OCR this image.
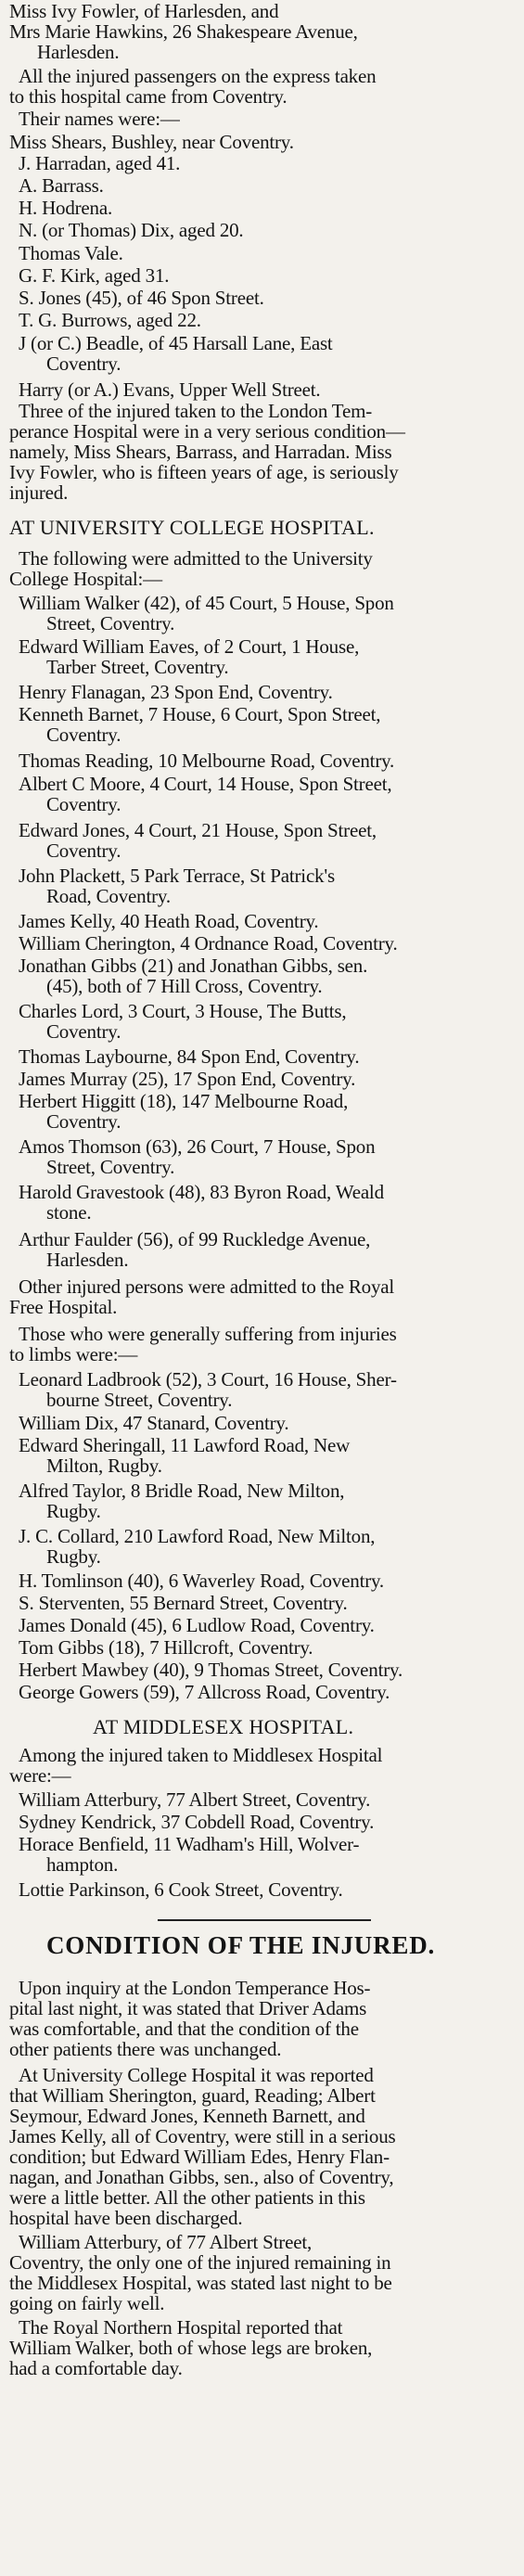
Miss Ivy Fowler, of Harlesden, and
Mrs Marie Hawkins, 26 Shakespeare Avenue,
Harlesden.
All the injured passengers on the express taken
to this hospital came from Coventry.
Their names were:—
Miss Shears, Bushley, near Coventry.
J. Harradan, aged 41.
A. Barrass.
H. Hodrena.
N. (or Thomas) Dix, aged 20.
Thomas Vale.
G. F. Kirk, aged 31.
S. Jones (45), of 46 Spon Street.
T. G. Burrows, aged 22.
J (or C.) Beadle, of 45 Harsall Lane, East
Coventry.
Harry (or A.) Evans, Upper Well Street.
Three of the injured taken to the London Tem-
perance Hospital were in a very serious condition—
namely, Miss Shears, Barrass, and Harradan. Miss
Ivy Fowler, who is fifteen years of age, is seriously
injured.
AT UNIVERSITY COLLEGE HOSPITAL.
The following were admitted to the University
College Hospital:—
William Walker (42), of 45 Court, 5 House, Spon
Street, Coventry.
Edward William Eaves, of 2 Court, 1 House,
Tarber Street, Coventry.
Henry Flanagan, 23 Spon End, Coventry.
Kenneth Barnet, 7 House, 6 Court, Spon Street,
Coventry.
Thomas Reading, 10 Melbourne Road, Coventry.
Albert C Moore, 4 Court, 14 House, Spon Street,
Coventry.
Edward Jones, 4 Court, 21 House, Spon Street,
Coventry.
John Plackett, 5 Park Terrace, St Patrick's
Road, Coventry.
James Kelly, 40 Heath Road, Coventry.
William Cherington, 4 Ordnance Road, Coventry.
Jonathan Gibbs (21) and Jonathan Gibbs, sen.
(45), both of 7 Hill Cross, Coventry.
Charles Lord, 3 Court, 3 House, The Butts,
Coventry.
Thomas Laybourne, 84 Spon End, Coventry.
James Murray (25), 17 Spon End, Coventry.
Herbert Higgitt (18), 147 Melbourne Road,
Coventry.
Amos Thomson (63), 26 Court, 7 House, Spon
Street, Coventry.
Harold Gravestook (48), 83 Byron Road, Weald
stone.
Arthur Faulder (56), of 99 Ruckledge Avenue,
Harlesden.
Other injured persons were admitted to the Royal
Free Hospital.
Those who were generally suffering from injuries
to limbs were:—
Leonard Ladbrook (52), 3 Court, 16 House, Sher-
bourne Street, Coventry.
William Dix, 47 Stanard, Coventry.
Edward Sheringall, 11 Lawford Road, New
Milton, Rugby.
Alfred Taylor, 8 Bridle Road, New Milton,
Rugby.
J. C. Collard, 210 Lawford Road, New Milton,
Rugby.
H. Tomlinson (40), 6 Waverley Road, Coventry.
S. Sterventen, 55 Bernard Street, Coventry.
James Donald (45), 6 Ludlow Road, Coventry.
Tom Gibbs (18), 7 Hillcroft, Coventry.
Herbert Mawbey (40), 9 Thomas Street, Coventry.
George Gowers (59), 7 Allcross Road, Coventry.
AT MIDDLESEX HOSPITAL.
Among the injured taken to Middlesex Hospital
were:—
William Atterbury, 77 Albert Street, Coventry.
Sydney Kendrick, 37 Cobdell Road, Coventry.
Horace Benfield, 11 Wadham's Hill, Wolver-
hampton.
Lottie Parkinson, 6 Cook Street, Coventry.
CONDITION OF THE INJURED.
Upon inquiry at the London Temperance Hos-
pital last night, it was stated that Driver Adams
was comfortable, and that the condition of the
other patients there was unchanged.
At University College Hospital it was reported
that William Sherington, guard, Reading; Albert
Seymour, Edward Jones, Kenneth Barnett, and
James Kelly, all of Coventry, were still in a serious
condition; but Edward William Edes, Henry Flan-
nagan, and Jonathan Gibbs, sen., also of Coventry,
were a little better. All the other patients in this
hospital have been discharged.
William Atterbury, of 77 Albert Street,
Coventry, the only one of the injured remaining in
the Middlesex Hospital, was stated last night to be
going on fairly well.
The Royal Northern Hospital reported that
William Walker, both of whose legs are broken,
had a comfortable day.
